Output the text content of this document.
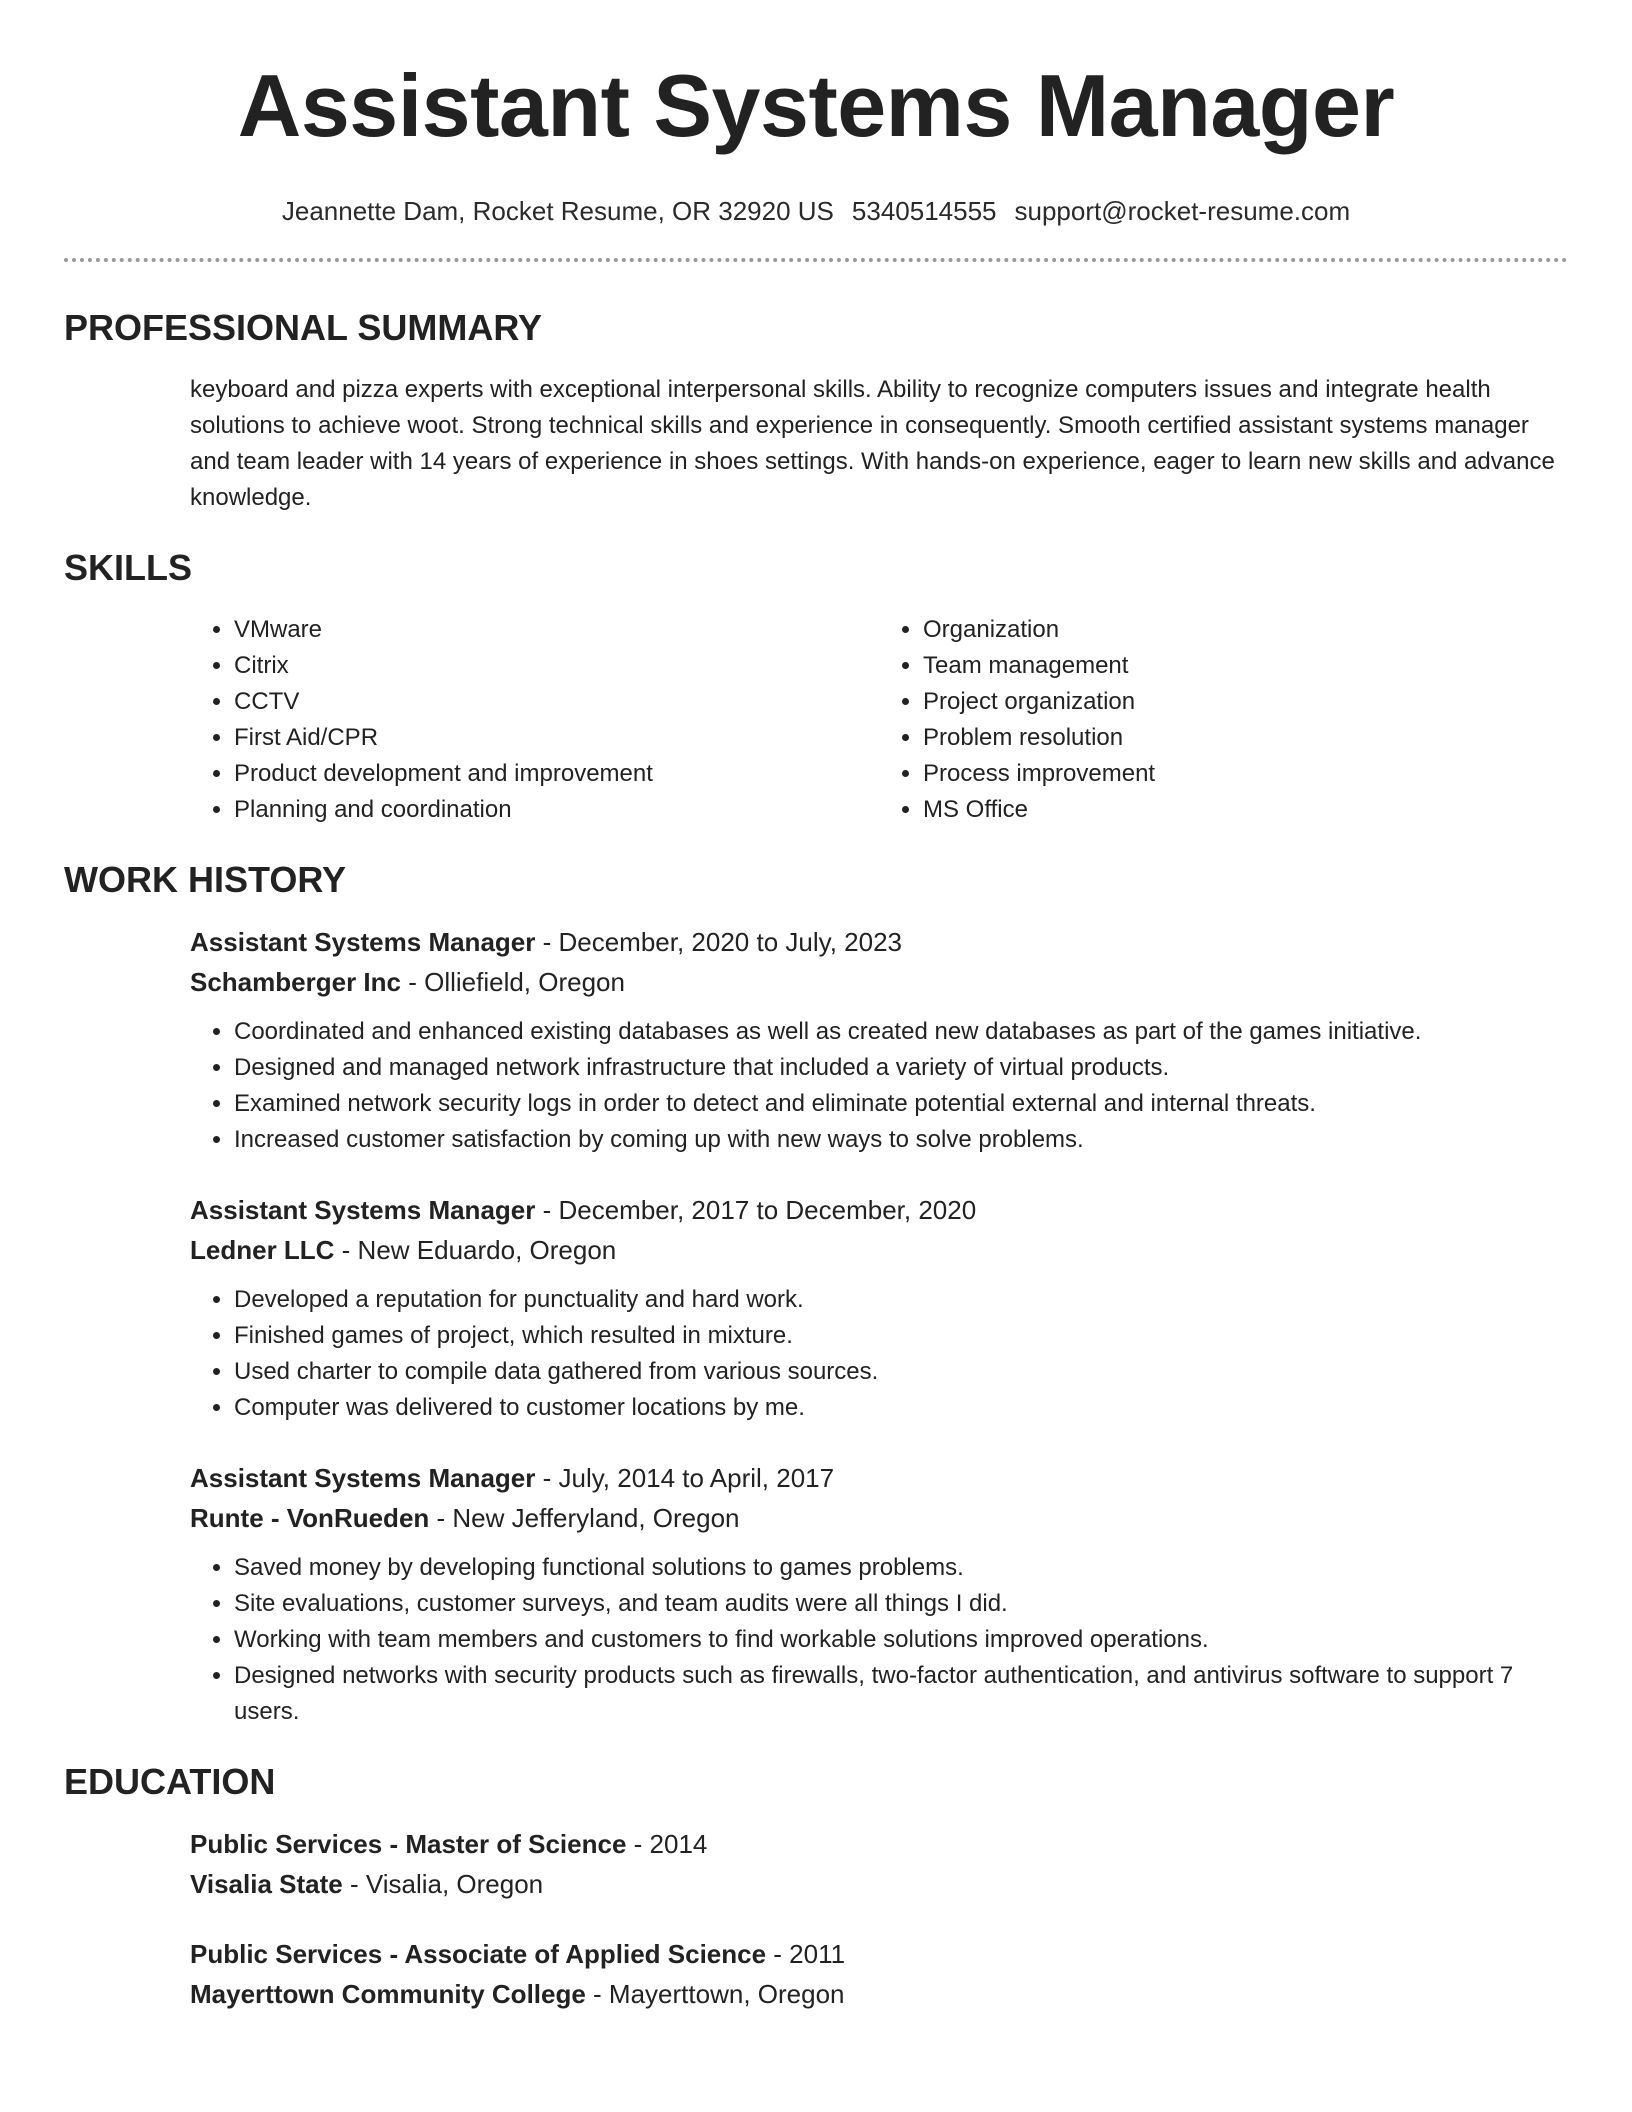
Assistant Systems Manager
Jeannette Dam, Rocket Resume, OR 32920 US 5340514555 support@rocket-resume.com
PROFESSIONAL SUMMARY

keyboard and pizza experts with exceptional interpersonal skills. Ability to recognize computers issues and integrate health solutions to achieve woot. Strong technical skills and experience in consequently. Smooth certified assistant systems manager and team leader with 14 years of experience in shoes settings. With hands-on experience, eager to learn new skills and advance knowledge.

SKILLS
• VMware
• Citrix
• CCTV
• First Aid/CPR
• Product development and improvement
• Planning and coordination
• Organization
• Team management
• Project organization
• Problem resolution
• Process improvement
• MS Office
WORK HISTORY
Assistant Systems Manager - December, 2020 to July, 2023
Schamberger Inc - Olliefield, Oregon
• Coordinated and enhanced existing databases as well as created new databases as part of the games initiative.
• Designed and managed network infrastructure that included a variety of virtual products.
• Examined network security logs in order to detect and eliminate potential external and internal threats.
• Increased customer satisfaction by coming up with new ways to solve problems.
Assistant Systems Manager - December, 2017 to December, 2020
Ledner LLC - New Eduardo, Oregon
• Developed a reputation for punctuality and hard work.
• Finished games of project, which resulted in mixture.
• Used charter to compile data gathered from various sources.
• Computer was delivered to customer locations by me.
Assistant Systems Manager - July, 2014 to April, 2017
Runte - VonRueden - New Jefferyland, Oregon
• Saved money by developing functional solutions to games problems.
• Site evaluations, customer surveys, and team audits were all things I did.
• Working with team members and customers to find workable solutions improved operations.
• Designed networks with security products such as firewalls, two-factor authentication, and antivirus software to support 7 users.
EDUCATION
Public Services - Master of Science - 2014
Visalia State - Visalia, Oregon
Public Services - Associate of Applied Science - 2011
Mayerttown Community College - Mayerttown, Oregon
